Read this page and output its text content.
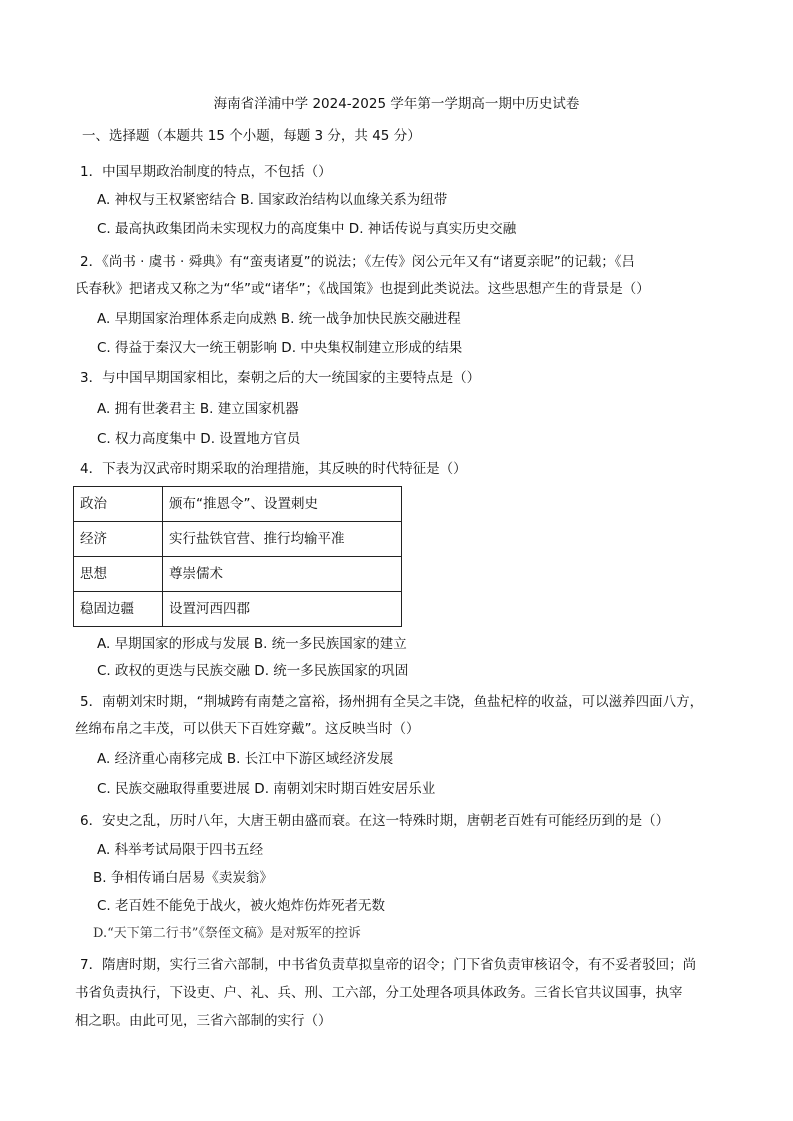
海南省洋浦中学 2024-2025 学年第一学期高一期中历史试卷
一、选择题（本题共 15 个小题，每题 3 分，共 45 分）
1．中国早期政治制度的特点，不包括（）
A. 神权与王权紧密结合 B. 国家政治结构以血缘关系为纽带
C. 最高执政集团尚未实现权力的高度集中 D. 神话传说与真实历史交融
2．《尚书 · 虞书 · 舜典》有“蛮夷诸夏”的说法；《左传》闵公元年又有“诸夏亲昵”的记载；《吕
氏春秋》把诸戎又称之为“华”或“诸华”；《战国策》也提到此类说法。这些思想产生的背景是（）
A. 早期国家治理体系走向成熟 B. 统一战争加快民族交融进程
C. 得益于秦汉大一统王朝影响 D. 中央集权制建立形成的结果
3．与中国早期国家相比，秦朝之后的大一统国家的主要特点是（）
A. 拥有世袭君主 B. 建立国家机器
C. 权力高度集中 D. 设置地方官员
4．下表为汉武帝时期采取的治理措施，其反映的时代特征是（）
政治	颁布“推恩令”、设置刺史
经济	实行盐铁官营、推行均输平准
思想	尊崇儒术
稳固边疆	设置河西四郡
A. 早期国家的形成与发展 B. 统一多民族国家的建立
C. 政权的更迭与民族交融 D. 统一多民族国家的巩固
5．南朝刘宋时期，“荆城跨有南楚之富裕，扬州拥有全吴之丰饶，鱼盐杞梓的收益，可以滋养四面八方，
丝绵布帛之丰茂，可以供天下百姓穿戴”。这反映当时（）
A. 经济重心南移完成 B. 长江中下游区域经济发展
C. 民族交融取得重要进展 D. 南朝刘宋时期百姓安居乐业
6．安史之乱，历时八年，大唐王朝由盛而衰。在这一特殊时期，唐朝老百姓有可能经历到的是（）
A. 科举考试局限于四书五经
B. 争相传诵白居易《卖炭翁》
C. 老百姓不能免于战火，被火炮炸伤炸死者无数
D.“天下第二行书”《祭侄文稿》是对叛军的控诉
7．隋唐时期，实行三省六部制，中书省负责草拟皇帝的诏令；门下省负责审核诏令，有不妥者驳回；尚
书省负责执行，下设吏、户、礼、兵、刑、工六部，分工处理各项具体政务。三省长官共议国事，执宰
相之职。由此可见，三省六部制的实行（）
